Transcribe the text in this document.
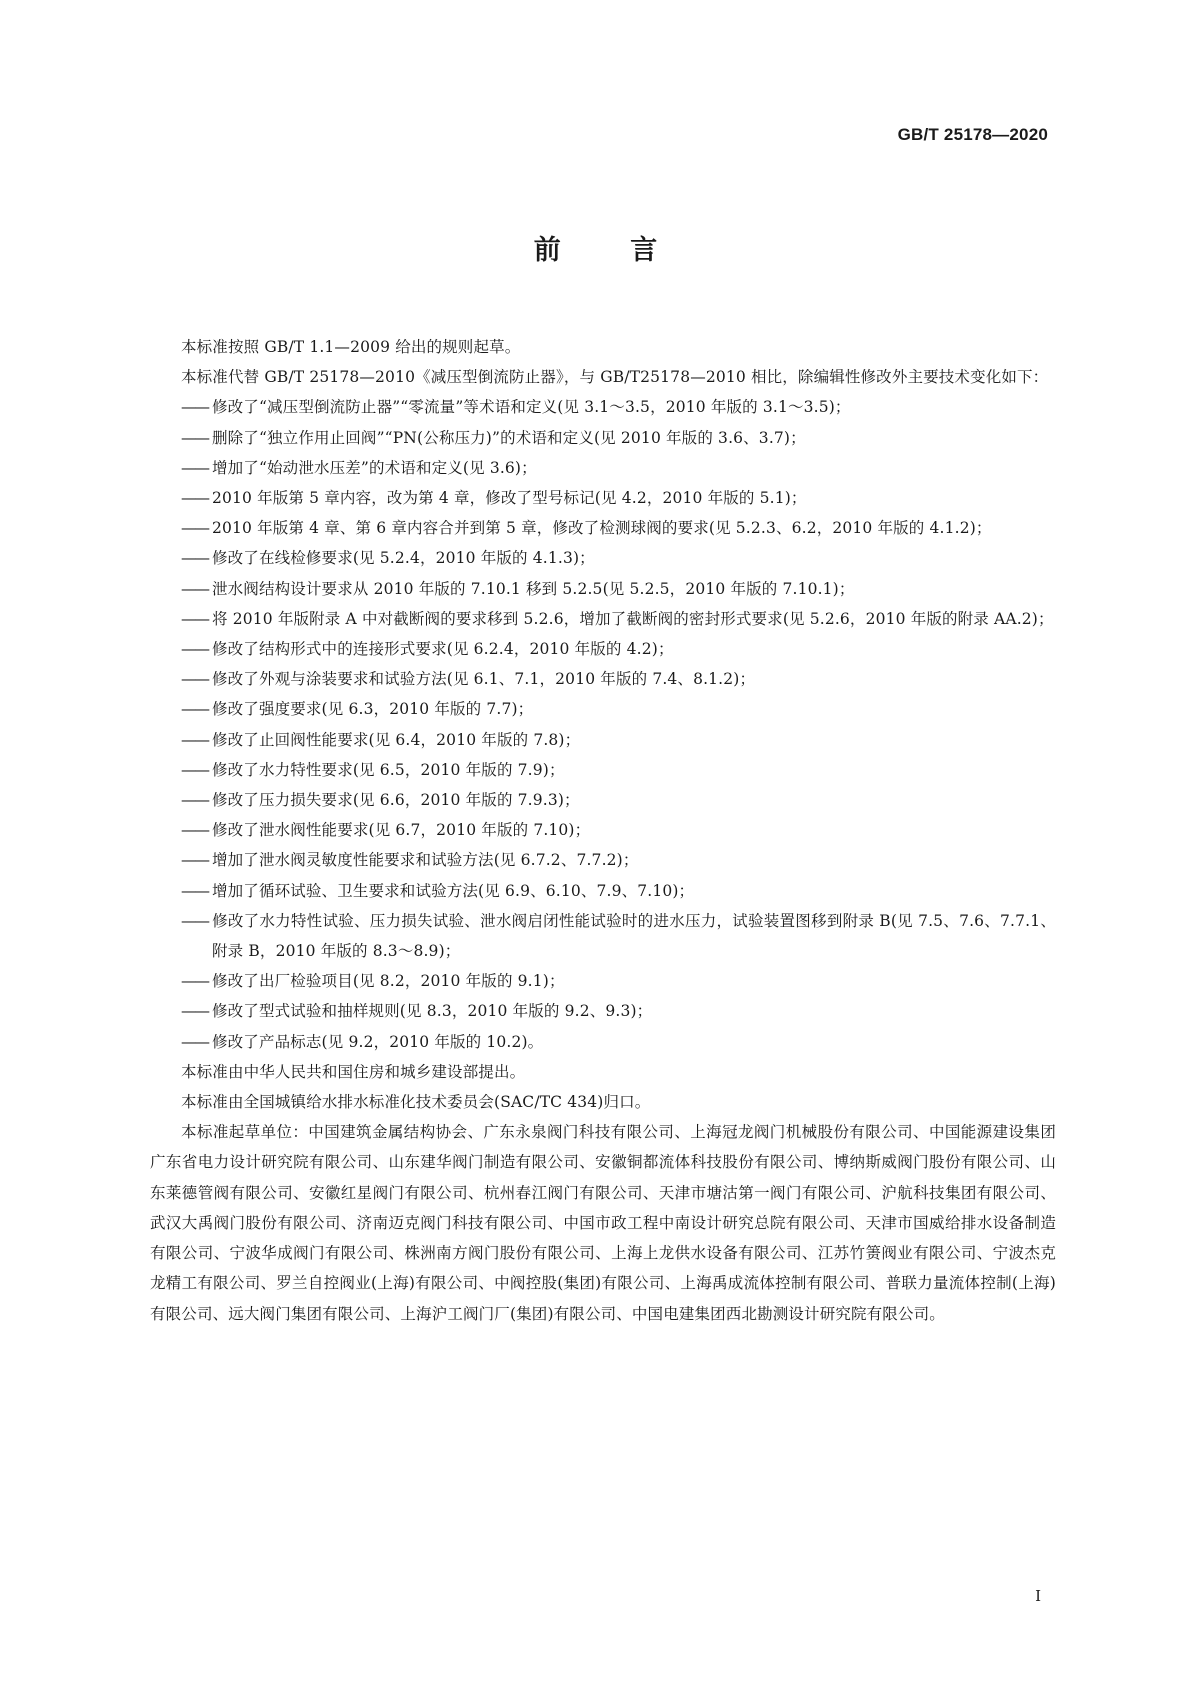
GB/T 25178—2020
前 言

本标准按照 GB/T 1.1—2009 给出的规则起草。

本标准代替 GB/T 25178—2010《减压型倒流防止器》，与 GB/T25178—2010 相比，除编辑性修改外主要技术变化如下：

—— 修改了“减压型倒流防止器”“零流量”等术语和定义(见 3.1～3.5，2010 年版的 3.1～3.5)；

—— 删除了“独立作用止回阀”“PN(公称压力)”的术语和定义(见 2010 年版的 3.6、3.7)；

—— 增加了“始动泄水压差”的术语和定义(见 3.6)；

—— 2010 年版第 5 章内容，改为第 4 章，修改了型号标记(见 4.2，2010 年版的 5.1)；

—— 2010 年版第 4 章、第 6 章内容合并到第 5 章，修改了检测球阀的要求(见 5.2.3、6.2，2010 年版的 4.1.2)；

—— 修改了在线检修要求(见 5.2.4，2010 年版的 4.1.3)；

—— 泄水阀结构设计要求从 2010 年版的 7.10.1 移到 5.2.5(见 5.2.5，2010 年版的 7.10.1)；

—— 将 2010 年版附录 A 中对截断阀的要求移到 5.2.6，增加了截断阀的密封形式要求(见 5.2.6，2010 年版的附录 AA.2)；

—— 修改了结构形式中的连接形式要求(见 6.2.4，2010 年版的 4.2)；

—— 修改了外观与涂装要求和试验方法(见 6.1、7.1，2010 年版的 7.4、8.1.2)；

—— 修改了强度要求(见 6.3，2010 年版的 7.7)；

—— 修改了止回阀性能要求(见 6.4，2010 年版的 7.8)；

—— 修改了水力特性要求(见 6.5，2010 年版的 7.9)；

—— 修改了压力损失要求(见 6.6，2010 年版的 7.9.3)；

—— 修改了泄水阀性能要求(见 6.7，2010 年版的 7.10)；

—— 增加了泄水阀灵敏度性能要求和试验方法(见 6.7.2、7.7.2)；

—— 增加了循环试验、卫生要求和试验方法(见 6.9、6.10、7.9、7.10)；

—— 修改了水力特性试验、压力损失试验、泄水阀启闭性能试验时的进水压力，试验装置图移到附录 B(见 7.5、7.6、7.7.1、附录 B，2010 年版的 8.3～8.9)；

—— 修改了出厂检验项目(见 8.2，2010 年版的 9.1)；

—— 修改了型式试验和抽样规则(见 8.3，2010 年版的 9.2、9.3)；

—— 修改了产品标志(见 9.2，2010 年版的 10.2)。

本标准由中华人民共和国住房和城乡建设部提出。

本标准由全国城镇给水排水标准化技术委员会(SAC/TC 434)归口。

本标准起草单位：中国建筑金属结构协会、广东永泉阀门科技有限公司、上海冠龙阀门机械股份有限公司、中国能源建设集团广东省电力设计研究院有限公司、山东建华阀门制造有限公司、安徽铜都流体科技股份有限公司、博纳斯威阀门股份有限公司、山东莱德管阀有限公司、安徽红星阀门有限公司、杭州春江阀门有限公司、天津市塘沽第一阀门有限公司、沪航科技集团有限公司、武汉大禹阀门股份有限公司、济南迈克阀门科技有限公司、中国市政工程中南设计研究总院有限公司、天津市国威给排水设备制造有限公司、宁波华成阀门有限公司、株洲南方阀门股份有限公司、上海上龙供水设备有限公司、江苏竹箦阀业有限公司、宁波杰克龙精工有限公司、罗兰自控阀业(上海)有限公司、中阀控股(集团)有限公司、上海禹成流体控制有限公司、普联力量流体控制(上海)有限公司、远大阀门集团有限公司、上海沪工阀门厂(集团)有限公司、中国电建集团西北勘测设计研究院有限公司。

I
